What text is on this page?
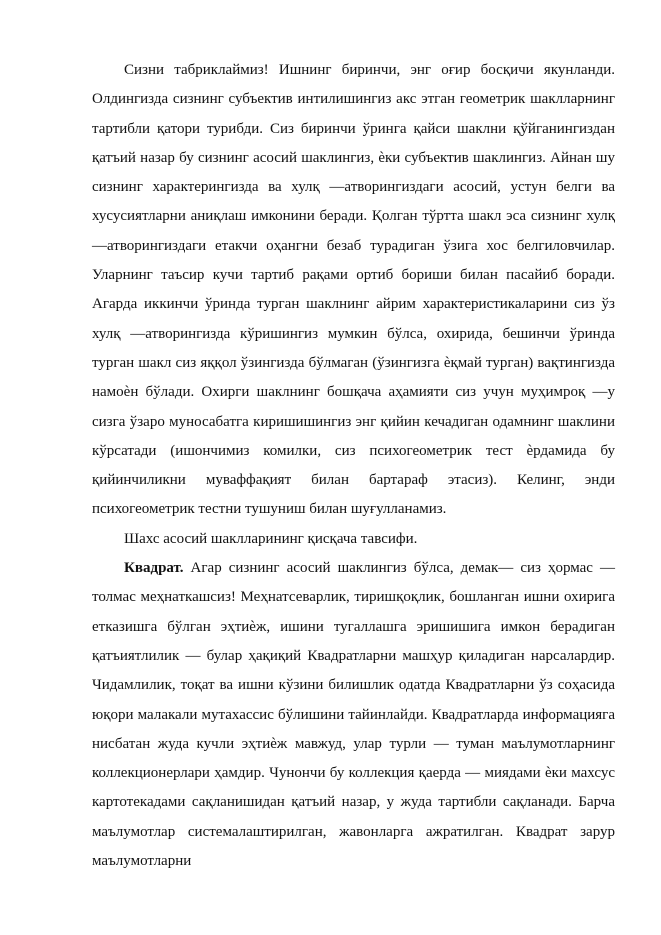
Сизни табриклаймиз! Ишнинг биринчи, энг оғир босқичи якунланди. Олдингизда сизнинг субъектив интилишингиз акс этган геометрик шаклларнинг тартибли қатори турибди. Сиз биринчи ўринга қайси шаклни қўйганингиздан қатъий назар бу сизнинг асосий шаклингиз, ѐки субъектив шаклингиз. Айнан шу сизнинг характерингизда ва хулқ —атворингиздаги асосий, устун белги ва хусусиятларни аниқлаш имконини беради. Қолган тўртта шакл эса сизнинг хулқ —атворингиздаги етакчи оҳангни безаб турадиган ўзига хос белгиловчилар. Уларнинг таъсир кучи тартиб рақами ортиб бориши билан пасайиб боради. Агарда иккинчи ўринда турган шаклнинг айрим характеристикаларини сиз ўз хулқ —атворингизда кўришингиз мумкин бўлса, охирида, бешинчи ўринда турган шакл сиз яққол ўзингизда бўлмаган (ўзингизга ѐқмай турган) вақтингизда намоѐн бўлади. Охирги шаклнинг бошқача аҳамияти сиз учун муҳимроқ —у сизга ўзаро муносабатга киришишингиз энг қийин кечадиган одамнинг шаклини кўрсатади (ишончимиз комилки, сиз психогеометрик тест ѐрдамида бу қийинчиликни муваффақият билан бартараф этасиз). Келинг, энди психогеометрик тестни тушуниш билан шуғулланамиз.

Шахс асосий шаклларининг қисқача тавсифи.

Квадрат. Агар сизнинг асосий шаклингиз бўлса, демак— сиз ҳормас — толмас меҳнаткашсиз! Меҳнатсеварлик, тиришқоқлик, бошланган ишни охирига етказишга бўлган эҳтиѐж, ишини тугаллашга эришишига имкон берадиган қатъиятлилик — булар ҳақиқий Квадратларни машҳур қиладиган нарсалардир. Чидамлилик, тоқат ва ишни кўзини билишлик одатда Квадратларни ўз соҳасида юқори малакали мутахассис бўлишини тайинлайди. Квадратларда информацияга нисбатан жуда кучли эҳтиѐж мавжуд, улар турли — туман маълумотларнинг коллекционерлари ҳамдир. Чунончи бу коллекция қаерда — миядами ѐки махсус картотекадами сақланишидан қатъий назар, у жуда тартибли сақланади. Барча маълумотлар системалаштирилган, жавонларга ажратилган. Квадрат зарур маълумотларни
